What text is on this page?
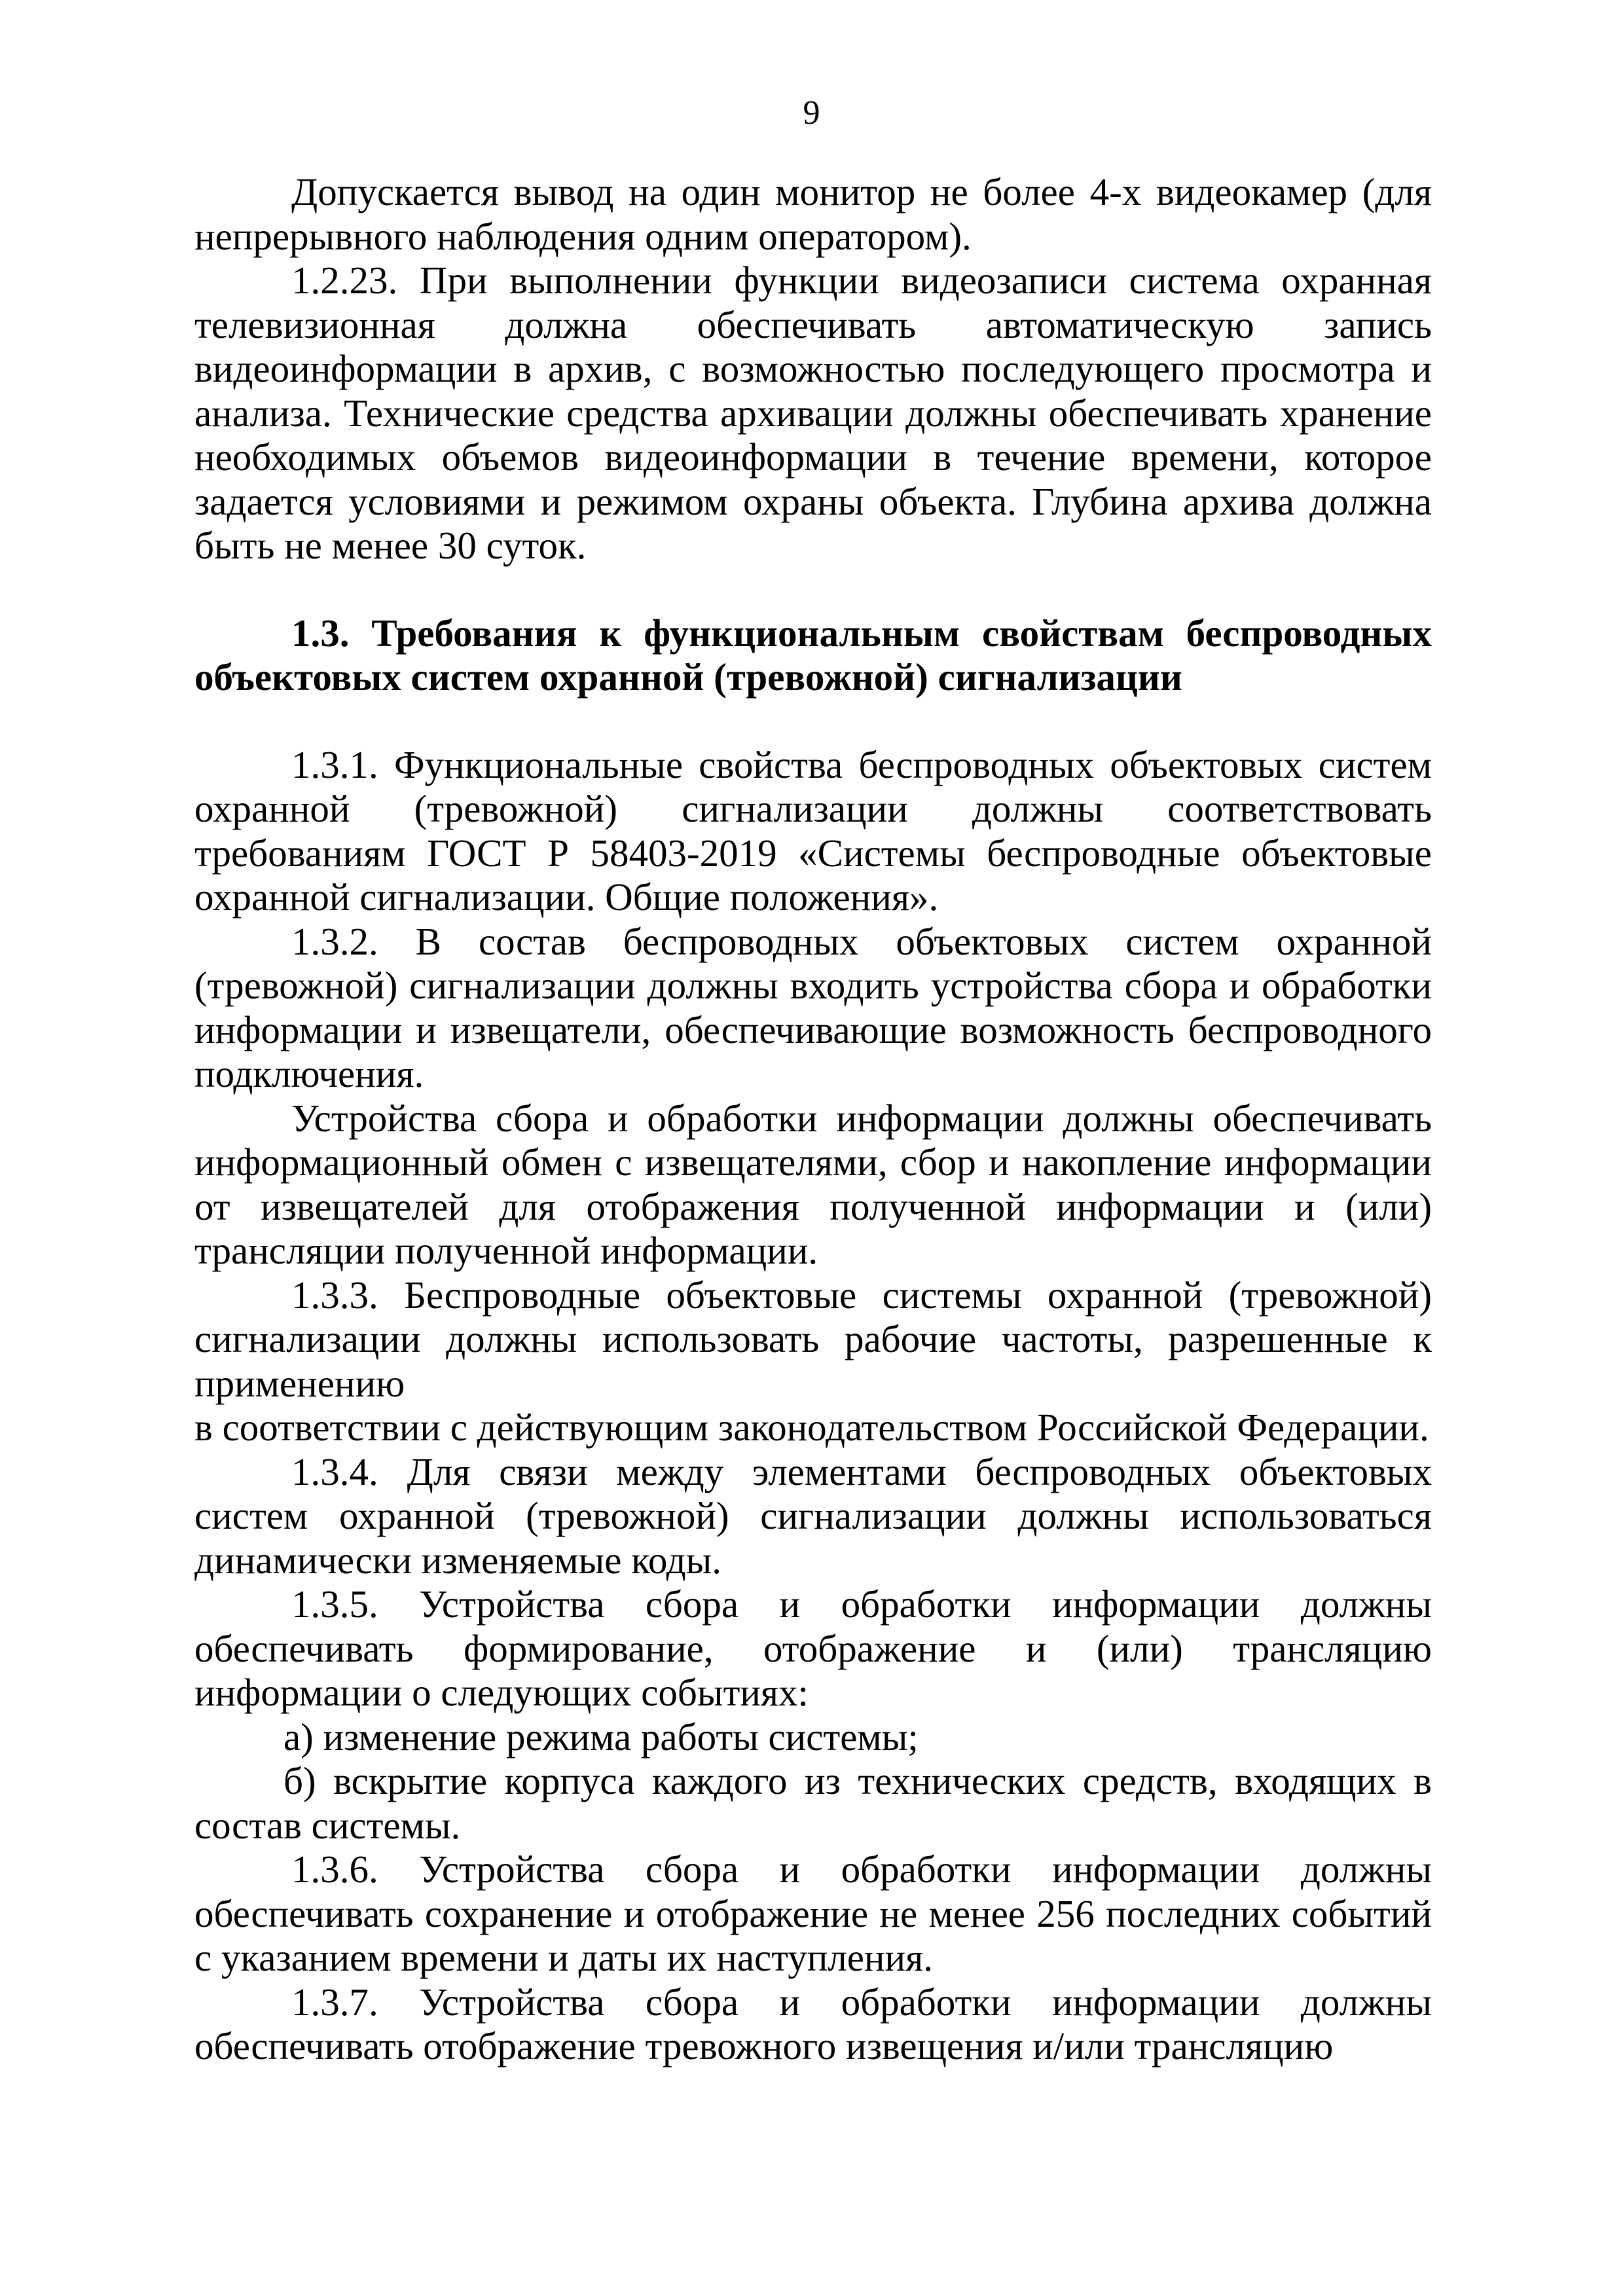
9

Допускается вывод на один монитор не более 4-х видеокамер (для непрерывного наблюдения одним оператором).

1.2.23. При выполнении функции видеозаписи система охранная телевизионная должна обеспечивать автоматическую запись видеоинформации в архив, с возможностью последующего просмотра и анализа. Технические средства архивации должны обеспечивать хранение необходимых объемов видеоинформации в течение времени, которое задается условиями и режимом охраны объекта. Глубина архива должна быть не менее 30 суток.

1.3. Требования к функциональным свойствам беспроводных объектовых систем охранной (тревожной) сигнализации

1.3.1. Функциональные свойства беспроводных объектовых систем охранной (тревожной) сигнализации должны соответствовать требованиям ГОСТ Р 58403-2019 «Системы беспроводные объектовые охранной сигнализации. Общие положения».

1.3.2. В состав беспроводных объектовых систем охранной (тревожной) сигнализации должны входить устройства сбора и обработки информации и извещатели, обеспечивающие возможность беспроводного подключения.

Устройства сбора и обработки информации должны обеспечивать информационный обмен с извещателями, сбор и накопление информации от извещателей для отображения полученной информации и (или) трансляции полученной информации.

1.3.3. Беспроводные объектовые системы охранной (тревожной) сигнализации должны использовать рабочие частоты, разрешенные к применению

в соответствии с действующим законодательством Российской Федерации.

1.3.4. Для связи между элементами беспроводных объектовых систем охранной (тревожной) сигнализации должны использоваться динамически изменяемые коды.

1.3.5. Устройства сбора и обработки информации должны обеспечивать формирование, отображение и (или) трансляцию информации о следующих событиях:

а) изменение режима работы системы;

б) вскрытие корпуса каждого из технических средств, входящих в состав системы.

1.3.6. Устройства сбора и обработки информации должны обеспечивать сохранение и отображение не менее 256 последних событий с указанием времени и даты их наступления.

1.3.7. Устройства сбора и обработки информации должны обеспечивать отображение тревожного извещения и/или трансляцию
